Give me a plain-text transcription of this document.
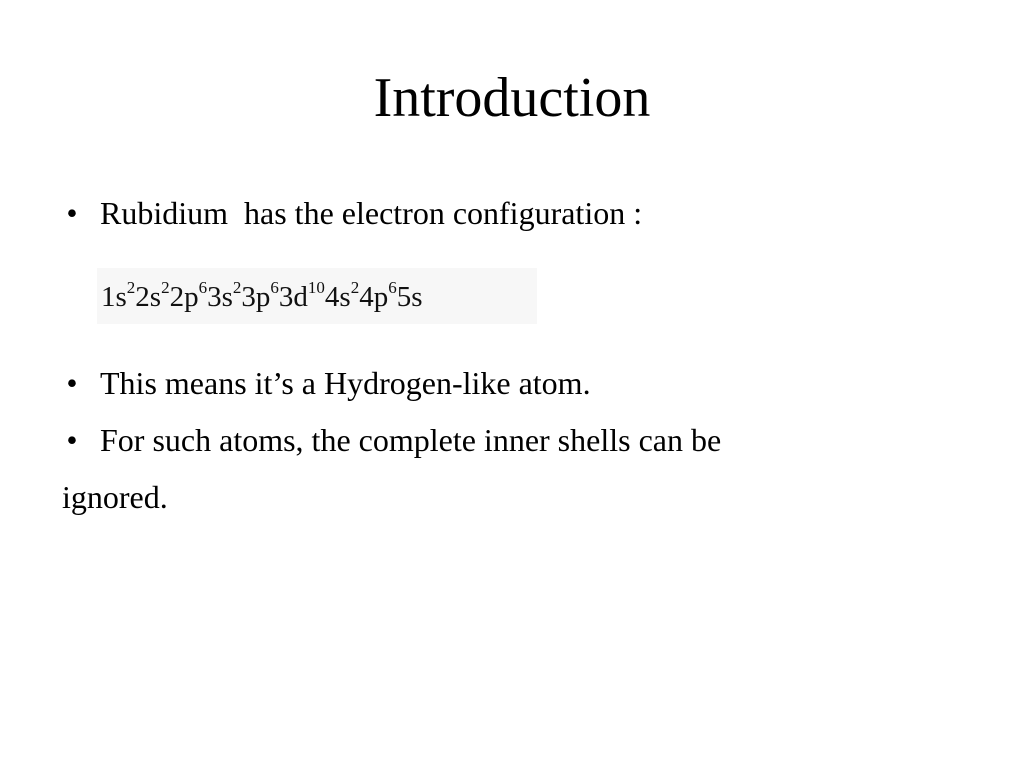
Introduction
• Rubidium  has the electron configuration :
$1s^22s^22p^63s^23p^63d^{10}4s^24p^65s$
• This means it’s a Hydrogen-like atom.
• For such atoms, the complete inner shells can be
ignored.
